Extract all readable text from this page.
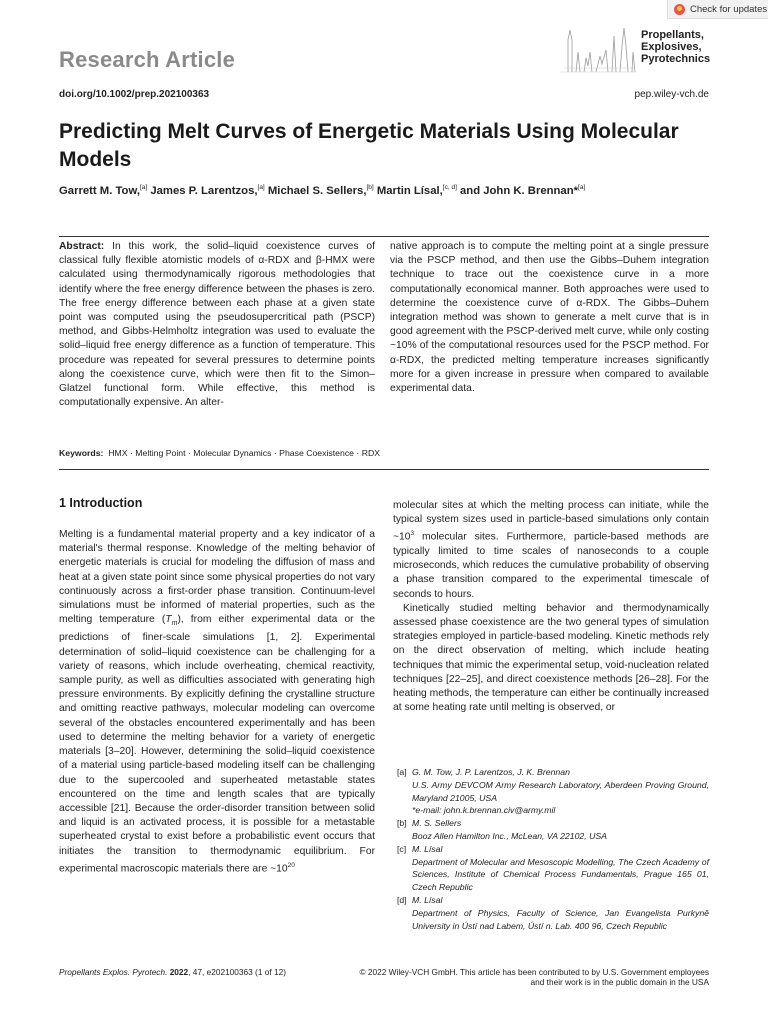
Check for updates
Research Article
Propellants,
Explosives,
Pyrotechnics
doi.org/10.1002/prep.202100363	pep.wiley-vch.de
Predicting Melt Curves of Energetic Materials Using Molecular Models
Garrett M. Tow,[a] James P. Larentzos,[a] Michael S. Sellers,[b] Martin Lísal,[c, d] and John K. Brennan*[a]

Abstract: In this work, the solid–liquid coexistence curves of classical fully flexible atomistic models of α-RDX and β-HMX were calculated using thermodynamically rigorous methodologies that identify where the free energy difference between the phases is zero. The free energy difference between each phase at a given state point was computed using the pseudosupercritical path (PSCP) method, and Gibbs-Helmholtz integration was used to evaluate the solid–liquid free energy difference as a function of temperature. This procedure was repeated for several pressures to determine points along the coexistence curve, which were then fit to the Simon–Glatzel functional form. While effective, this method is computationally expensive. An alter-

native approach is to compute the melting point at a single pressure via the PSCP method, and then use the Gibbs–Duhem integration technique to trace out the coexistence curve in a more computationally economical manner. Both approaches were used to determine the coexistence curve of α-RDX. The Gibbs–Duhem integration method was shown to generate a melt curve that is in good agreement with the PSCP-derived melt curve, while only costing ~10% of the computational resources used for the PSCP method. For α-RDX, the predicted melting temperature increases significantly more for a given increase in pressure when compared to available experimental data.

Keywords: HMX · Melting Point · Molecular Dynamics · Phase Coexistence · RDX
1 Introduction

Melting is a fundamental material property and a key indicator of a material's thermal response. Knowledge of the melting behavior of energetic materials is crucial for modeling the diffusion of mass and heat at a given state point since some physical properties do not vary continuously across a first-order phase transition. Continuum-level simulations must be informed of material properties, such as the melting temperature $(T_m)$, from either experimental data or the predictions of finer-scale simulations [1, 2]. Experimental determination of solid–liquid coexistence can be challenging for a variety of reasons, which include overheating, chemical reactivity, sample purity, as well as difficulties associated with generating high pressure environments. By explicitly defining the crystalline structure and omitting reactive pathways, molecular modeling can overcome several of the obstacles encountered experimentally and has been used to determine the melting behavior for a variety of energetic materials [3–20]. However, determining the solid–liquid coexistence of a material using particle-based modeling itself can be challenging due to the supercooled and superheated metastable states encountered on the time and length scales that are typically accessible [21]. Because the order-disorder transition between solid and liquid is an activated process, it is possible for a metastable superheated crystal to exist before a probabilistic event occurs that initiates the transition to thermodynamic equilibrium. For experimental macroscopic materials there are $\sim 10^{20}$

molecular sites at which the melting process can initiate, while the typical system sizes used in particle-based simulations only contain $\sim 10^3$ molecular sites. Furthermore, particle-based methods are typically limited to time scales of nanoseconds to a couple microseconds, which reduces the cumulative probability of observing a phase transition compared to the experimental timescale of seconds to hours.

Kinetically studied melting behavior and thermodynamically assessed phase coexistence are the two general types of simulation strategies employed in particle-based modeling. Kinetic methods rely on the direct observation of melting, which include heating techniques that mimic the experimental setup, void-nucleation related techniques [22–25], and direct coexistence methods [26–28]. For the heating methods, the temperature can either be continually increased at some heating rate until melting is observed, or

[a] G. M. Tow, J. P. Larentzos, J. K. Brennan
U.S. Army DEVCOM Army Research Laboratory, Aberdeen Proving Ground, Maryland 21005, USA
*e-mail: john.k.brennan.civ@army.mil
[b] M. S. Sellers
Booz Allen Hamilton Inc., McLean, VA 22102, USA
[c] M. Lísal
Department of Molecular and Mesoscopic Modelling, The Czech Academy of Sciences, Institute of Chemical Process Fundamentals, Prague 165 01, Czech Republic
[d] M. Lísal
Department of Physics, Faculty of Science, Jan Evangelista Purkyně University in Ústí nad Labem, Ústí n. Lab. 400 96, Czech Republic
Propellants Explos. Pyrotech. 2022, 47, e202100363 (1 of 12)	© 2022 Wiley-VCH GmbH. This article has been contributed to by U.S. Government employees
and their work is in the public domain in the USA
